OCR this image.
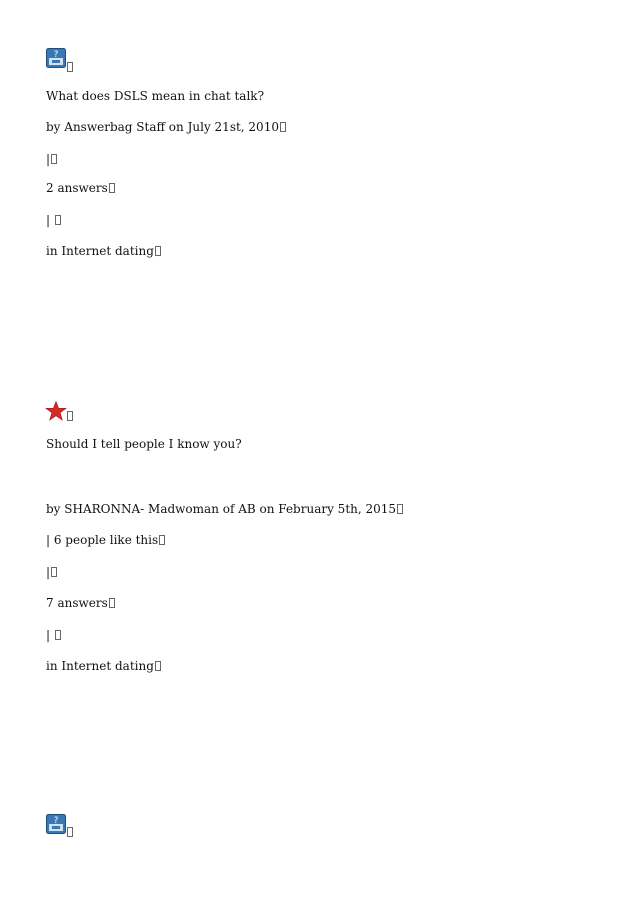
?
What does DSLS mean in chat talk?
by Answerbag Staff on July 21st, 2010
|
2 answers
|
in Internet dating
Should I tell people I know you?
by SHARONNA- Madwoman of AB on February 5th, 2015
| 6 people like this
|
7 answers
|
in Internet dating
?
